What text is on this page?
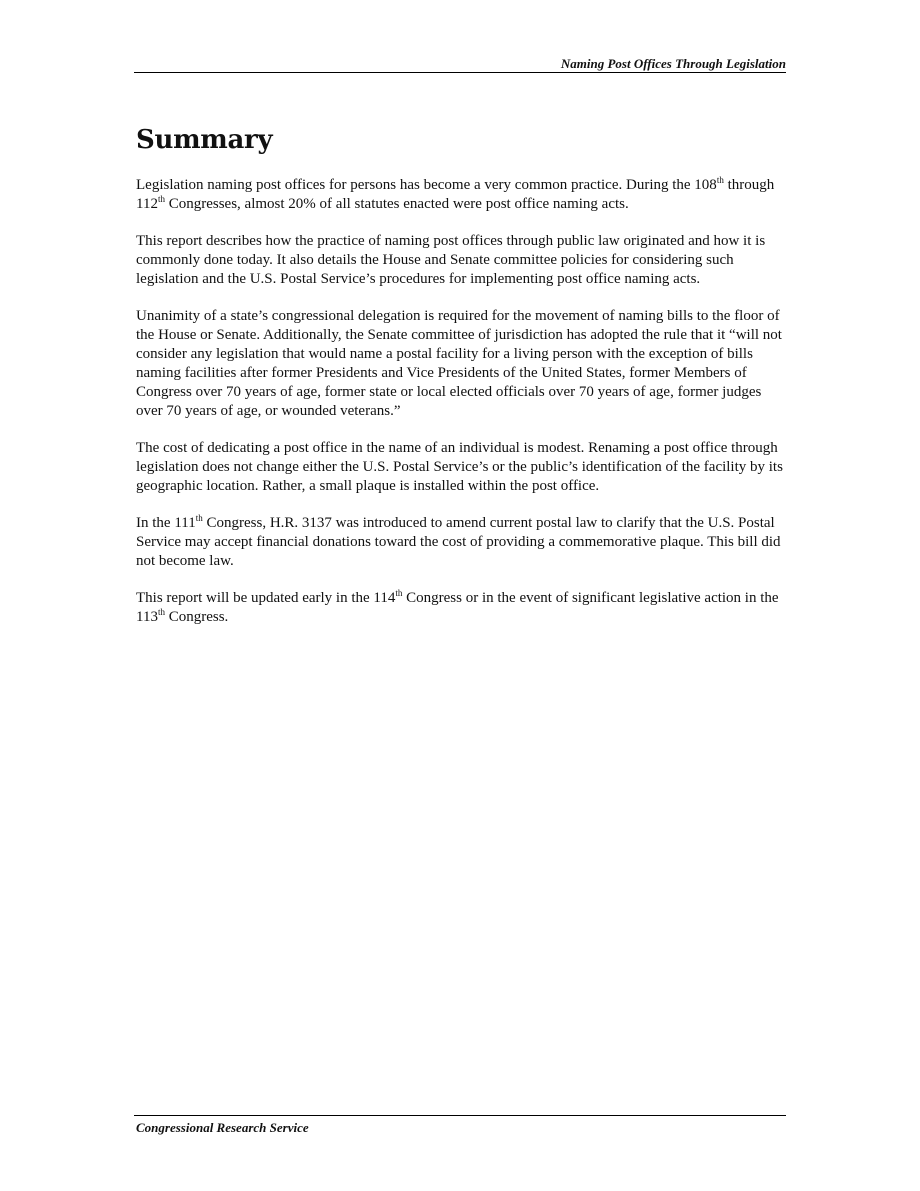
Naming Post Offices Through Legislation
Summary

Legislation naming post offices for persons has become a very common practice. During the 108th through 112th Congresses, almost 20% of all statutes enacted were post office naming acts.

This report describes how the practice of naming post offices through public law originated and how it is commonly done today. It also details the House and Senate committee policies for considering such legislation and the U.S. Postal Service’s procedures for implementing post office naming acts.

Unanimity of a state’s congressional delegation is required for the movement of naming bills to the floor of the House or Senate. Additionally, the Senate committee of jurisdiction has adopted the rule that it “will not consider any legislation that would name a postal facility for a living person with the exception of bills naming facilities after former Presidents and Vice Presidents of the United States, former Members of Congress over 70 years of age, former state or local elected officials over 70 years of age, former judges over 70 years of age, or wounded veterans.”

The cost of dedicating a post office in the name of an individual is modest. Renaming a post office through legislation does not change either the U.S. Postal Service’s or the public’s identification of the facility by its geographic location. Rather, a small plaque is installed within the post office.

In the 111th Congress, H.R. 3137 was introduced to amend current postal law to clarify that the U.S. Postal Service may accept financial donations toward the cost of providing a commemorative plaque. This bill did not become law.

This report will be updated early in the 114th Congress or in the event of significant legislative action in the 113th Congress.

Congressional Research Service
